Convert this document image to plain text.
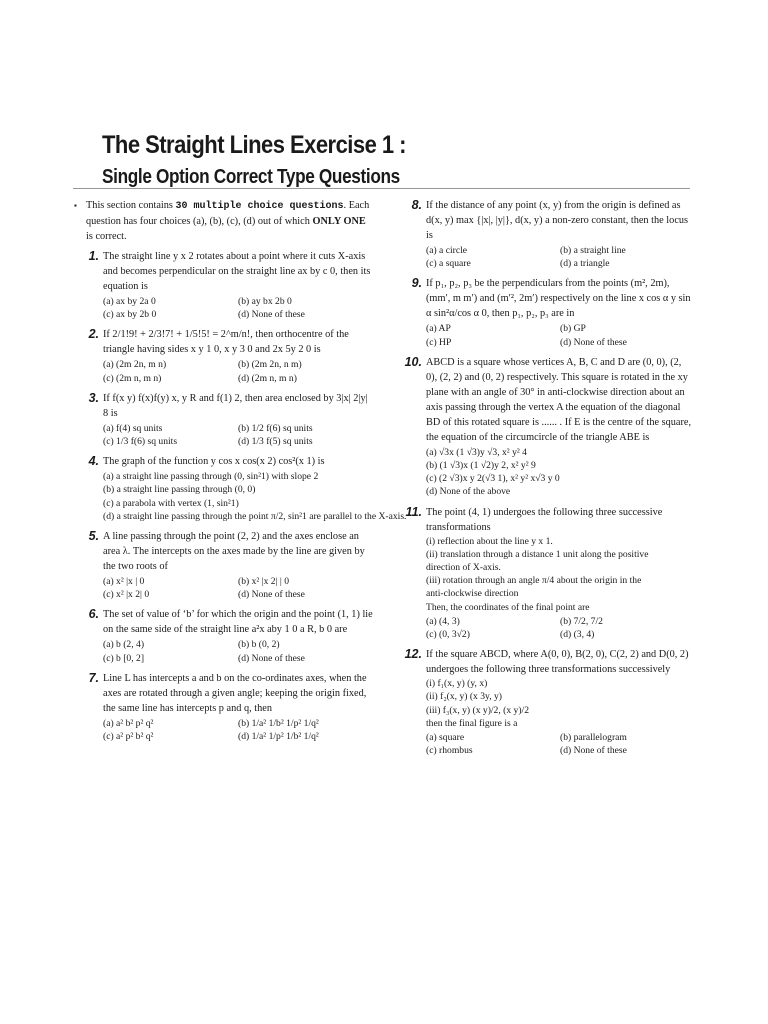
The Straight Lines Exercise 1 :
Single Option Correct Type Questions
▪ This section contains 30 multiple choice questions. Each question has four choices (a), (b), (c), (d) out of which ONLY ONE is correct.
1. The straight line y x 2 rotates about a point where it cuts X-axis and becomes perpendicular on the straight line ax by c 0, then its equation is

(a) ax by 2a 0	(b) ay bx 2b 0
(c) ax by 2b 0	(d) None of these
2. If 2/1!9! + 2/3!7! + 1/5!5! = 2^m/n!, then orthocentre of the triangle having sides x y 1 0, x y 3 0 and 2x 5y 2 0 is

(a) (2m 2n, m n)	(b) (2m 2n, n m)
(c) (2m n, m n)	(d) (2m n, m n)
3. If f(x y) f(x)f(y) x, y R and f(1) 2, then area enclosed by 3|x| 2|y| 8 is

(a) f(4) sq units	(b) 1/2 f(6) sq units
(c) 1/3 f(6) sq units	(d) 1/3 f(5) sq units
4. The graph of the function y cos x cos(x 2) cos²(x 1) is

(a) a straight line passing through (0, sin²1) with slope 2
(b) a straight line passing through (0, 0)
(c) a parabola with vertex (1, sin²1)
(d) a straight line passing through the point π/2, sin²1 are parallel to the X-axis.
5. A line passing through the point (2, 2) and the axes enclose an area λ. The intercepts on the axes made by the line are given by the two roots of

(a) x² |x | 0	(b) x² |x 2| | 0
(c) x² |x 2| 0	(d) None of these
6. The set of value of ‘b’ for which the origin and the point (1, 1) lie on the same side of the straight line a²x aby 1 0 a R, b 0 are

(a) b (2, 4)	(b) b (0, 2)
(c) b [0, 2]	(d) None of these
7. Line L has intercepts a and b on the co-ordinates axes, when the axes are rotated through a given angle; keeping the origin fixed, the same line has intercepts p and q, then

(a) a² b² p² q²	(b) 1/a² 1/b² 1/p² 1/q²
(c) a² p² b² q²	(d) 1/a² 1/p² 1/b² 1/q²
8. If the distance of any point (x, y) from the origin is defined as d(x, y) max {|x|, |y|}, d(x, y) a non-zero constant, then the locus is

(a) a circle	(b) a straight line
(c) a square	(d) a triangle
9. If p₁, p₂, p₃ be the perpendiculars from the points (m², 2m), (mm′, m m′) and (m′², 2m′) respectively on the line x cos α y sin α sin²α/cos α 0, then p₁, p₂, p₃ are in

(a) AP	(b) GP
(c) HP	(d) None of these
10. ABCD is a square whose vertices A, B, C and D are (0, 0), (2, 0), (2, 2) and (0, 2) respectively. This square is rotated in the xy plane with an angle of 30° in anti-clockwise direction about an axis passing through the vertex A the equation of the diagonal BD of this rotated square is ...... . If E is the centre of the square, the equation of the circumcircle of the triangle ABE is

(a) √3x (1 √3)y √3, x² y² 4
(b) (1 √3)x (1 √2)y 2, x² y² 9
(c) (2 √3)x y 2(√3 1), x² y² x√3 y 0
(d) None of the above
11. The point (4, 1) undergoes the following three successive transformations

(i) reflection about the line y x 1.
(ii) translation through a distance 1 unit along the positive
direction of X-axis.
(iii) rotation through an angle π/4 about the origin in the
anti-clockwise direction
Then, the coordinates of the final point are
(a) (4, 3)	(b) 7/2, 7/2
(c) (0, 3√2)	(d) (3, 4)
12. If the square ABCD, where A(0, 0), B(2, 0), C(2, 2) and D(0, 2) undergoes the following three transformations successively

(i) f₁(x, y) (y, x)
(ii) f₂(x, y) (x 3y, y)
(iii) f₃(x, y) (x y)/2, (x y)/2
then the final figure is a
(a) square	(b) parallelogram
(c) rhombus	(d) None of these
